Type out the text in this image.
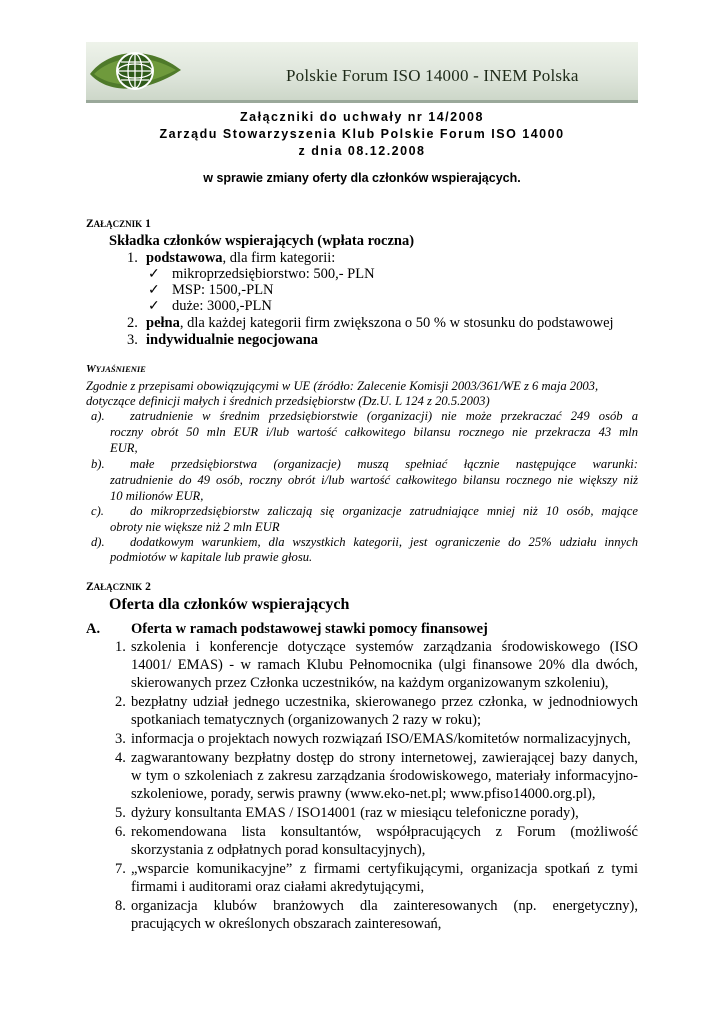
Polskie Forum ISO 14000 - INEM Polska
Załączniki do uchwały nr 14/2008
Zarządu Stowarzyszenia Klub Polskie Forum ISO 14000
z dnia 08.12.2008
w sprawie zmiany oferty dla członków wspierających.
ZAŁĄCZNIK 1
Składka członków wspierających (wpłata roczna)
1. podstawowa, dla firm kategorii:
✓ mikroprzedsiębiorstwo: 500,- PLN
✓ MSP: 1500,-PLN
✓ duże: 3000,-PLN
2. pełna, dla każdej kategorii firm zwiększona o 50 % w stosunku do podstawowej
3. indywidualnie negocjowana
WYJAŚNIENIE
Zgodnie z przepisami obowiązującymi w UE (źródło: Zalecenie Komisji 2003/361/WE z 6 maja 2003,
dotyczące definicji małych i średnich przedsiębiorstw (Dz.U. L 124 z 20.5.2003)
a). zatrudnienie w średnim przedsiębiorstwie (organizacji) nie może przekraczać 249 osób a
roczny obrót 50 mln EUR i/lub wartość całkowitego bilansu rocznego nie przekracza 43 mln
EUR,
b). małe przedsiębiorstwa (organizacje) muszą spełniać łącznie następujące warunki:
zatrudnienie do 49 osób, roczny obrót i/lub wartość całkowitego bilansu rocznego nie większy niż
10 milionów EUR,
c). do mikroprzedsiębiorstw zaliczają się organizacje zatrudniające mniej niż 10 osób, mające
obroty nie większe niż 2 mln EUR
d). dodatkowym warunkiem, dla wszystkich kategorii, jest ograniczenie do 25% udziału innych
podmiotów w kapitale lub prawie głosu.
ZAŁĄCZNIK 2
Oferta dla członków wspierających
A. Oferta w ramach podstawowej stawki pomocy finansowej
1. szkolenia i konferencje dotyczące systemów zarządzania środowiskowego (ISO
14001/ EMAS) - w ramach Klubu Pełnomocnika (ulgi finansowe 20% dla dwóch,
skierowanych przez Członka uczestników, na każdym organizowanym szkoleniu),
2. bezpłatny udział jednego uczestnika, skierowanego przez członka, w jednodniowych
spotkaniach tematycznych (organizowanych 2 razy w roku);
3. informacja o projektach nowych rozwiązań ISO/EMAS/komitetów normalizacyjnych,
4. zagwarantowany bezpłatny dostęp do strony internetowej, zawierającej bazy danych,
w tym o szkoleniach z zakresu zarządzania środowiskowego, materiały informacyjno-
szkoleniowe, porady, serwis prawny (www.eko-net.pl; www.pfiso14000.org.pl),
5. dyżury konsultanta EMAS / ISO14001 (raz w miesiącu telefoniczne porady),
6. rekomendowana lista konsultantów, współpracujących z Forum (możliwość
skorzystania z odpłatnych porad konsultacyjnych),
7. „wsparcie komunikacyjne” z firmami certyfikującymi, organizacja spotkań z tymi
firmami i auditorami oraz ciałami akredytującymi,
8. organizacja klubów branżowych dla zainteresowanych (np. energetyczny),
pracujących w określonych obszarach zainteresowań,
